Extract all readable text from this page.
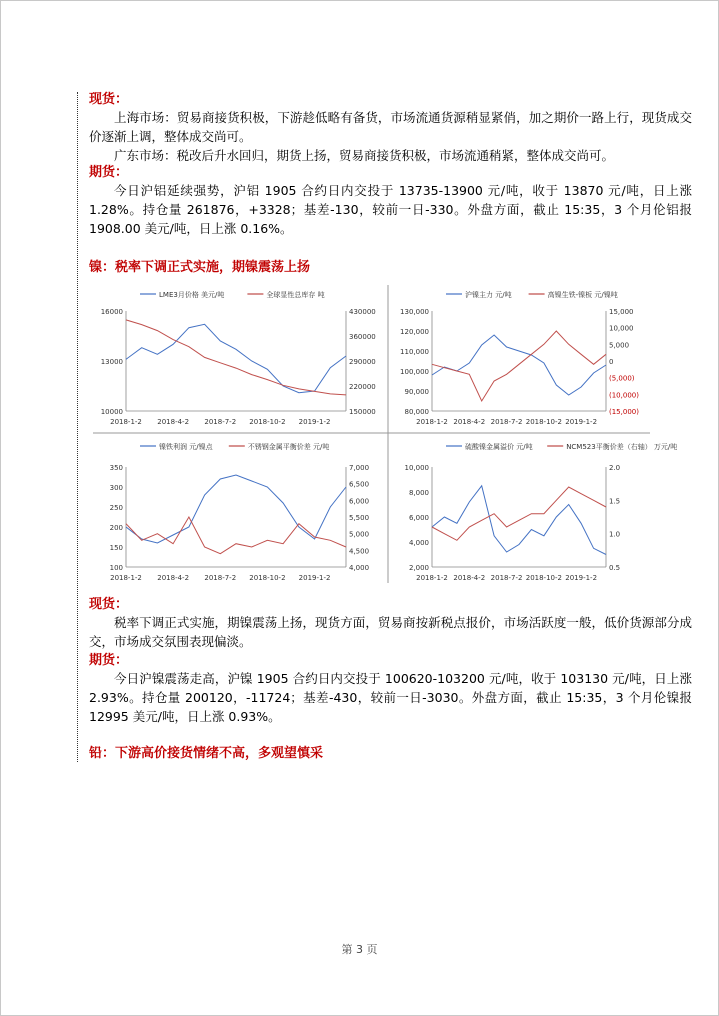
现货：

上海市场：贸易商接货积极，下游趁低略有备货，市场流通货源稍显紧俏，加之期价一路上行，现货成交价逐渐上调，整体成交尚可。

广东市场：税改后升水回归，期货上扬，贸易商接货积极，市场流通稍紧，整体成交尚可。

期货：

今日沪铝延续强势，沪铝 1905 合约日内交投于 13735-13900 元/吨，收于 13870 元/吨，日上涨 1.28%。持仓量 261876，+3328；基差-130，较前一日-330。外盘方面，截止 15:35，3 个月伦铝报 1908.00 美元/吨，日上涨 0.16%。

镍：税率下调正式实施，期镍震荡上扬
10000
13000
16000
150000
220000
290000
360000
430000
2018-1-2 2018-4-2 2018-7-2 2018-10-2 2019-1-2
LME3月价格 美元/吨	全球显性总库存 吨
80,000
90,000
100,000
110,000
120,000
130,000
(15,000)
(10,000)
(5,000)
0
5,000
10,000
15,000
2018-1-2 2018-4-2 2018-7-2 2018-10-2 2019-1-2
沪镍主力 元/吨	高镍生铁-镍板 元/镍吨
100
150
200
250
300
350
4,000
4,500
5,000
5,500
6,000
6,500
7,000
2018-1-2 2018-4-2 2018-7-2 2018-10-2 2019-1-2
镍铁利润 元/镍点	不锈钢金属平衡价差 元/吨
2,000
4,000
6,000
8,000
10,000
0.5
1.0
1.5
2.0
2018-1-2 2018-4-2 2018-7-2 2018-10-2 2019-1-2
硫酸镍金属溢价 元/吨	NCM523平衡价差（右轴） 万元/吨
现货：

税率下调正式实施，期镍震荡上扬，现货方面，贸易商按新税点报价，市场活跃度一般，低价货源部分成交，市场成交氛围表现偏淡。

期货：

今日沪镍震荡走高，沪镍 1905 合约日内交投于 100620-103200 元/吨，收于 103130 元/吨，日上涨 2.93%。持仓量 200120，-11724；基差-430，较前一日-3030。外盘方面，截止 15:35，3 个月伦镍报 12995 美元/吨，日上涨 0.93%。

铅：下游高价接货情绪不高，多观望慎采
第 3 页
